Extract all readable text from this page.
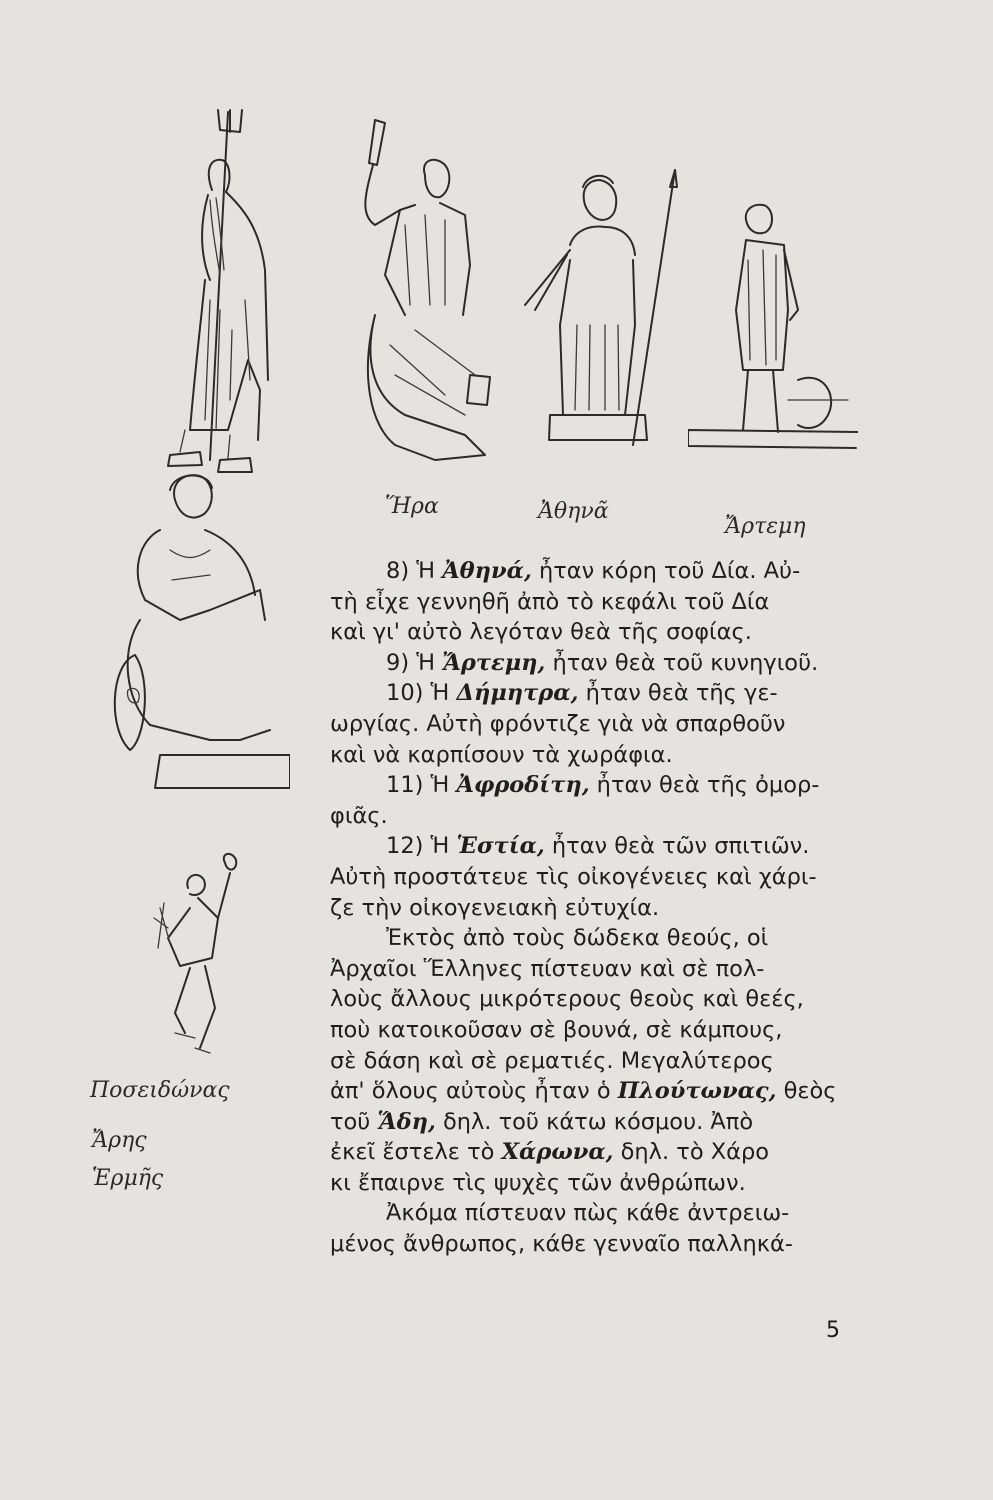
Ἥρα	Ἀθηνᾶ
Ἄρτεμη
Ποσειδώνας
Ἄρης
Ἑρμῆς

8) Ἡ Ἀθηνά, ἦταν κόρη τοῦ Δία. Αὐ-
τὴ εἶχε γεννηθῆ ἀπὸ τὸ κεφάλι τοῦ Δία
καὶ γι' αὐτὸ λεγόταν θεὰ τῆς σοφίας.

9) Ἡ Ἄρτεμη, ἦταν θεὰ τοῦ κυνηγιοῦ.

10) Ἡ Δήμητρα, ἦταν θεὰ τῆς γε-
ωργίας. Αὐτὴ φρόντιζε γιὰ νὰ σπαρθοῦν
καὶ νὰ καρπίσουν τὰ χωράφια.

11) Ἡ Ἀφροδίτη, ἦταν θεὰ τῆς ὀμορ-
φιᾶς.

12) Ἡ Ἑστία, ἦταν θεὰ τῶν σπιτιῶν.
Αὐτὴ προστάτευε τὶς οἰκογένειες καὶ χάρι-
ζε τὴν οἰκογενειακὴ εὐτυχία.

Ἐκτὸς ἀπὸ τοὺς δώδεκα θεούς, οἱ
Ἀρχαῖοι Ἕλληνες πίστευαν καὶ σὲ πολ-
λοὺς ἄλλους μικρότερους θεοὺς καὶ θεές,
ποὺ κατοικοῦσαν σὲ βουνά, σὲ κάμπους,
σὲ δάση καὶ σὲ ρεματιές. Μεγαλύτερος
ἀπ' ὅλους αὐτοὺς ἦταν ὁ Πλούτωνας, θεὸς
τοῦ Ἅδη, δηλ. τοῦ κάτω κόσμου. Ἀπὸ
ἐκεῖ ἔστελε τὸ Χάρωνα, δηλ. τὸ Χάρο
κι ἔπαιρνε τὶς ψυχὲς τῶν ἀνθρώπων.

Ἀκόμα πίστευαν πὼς κάθε ἀντρειω-
μένος ἄνθρωπος, κάθε γενναῖο παλληκά-

5
